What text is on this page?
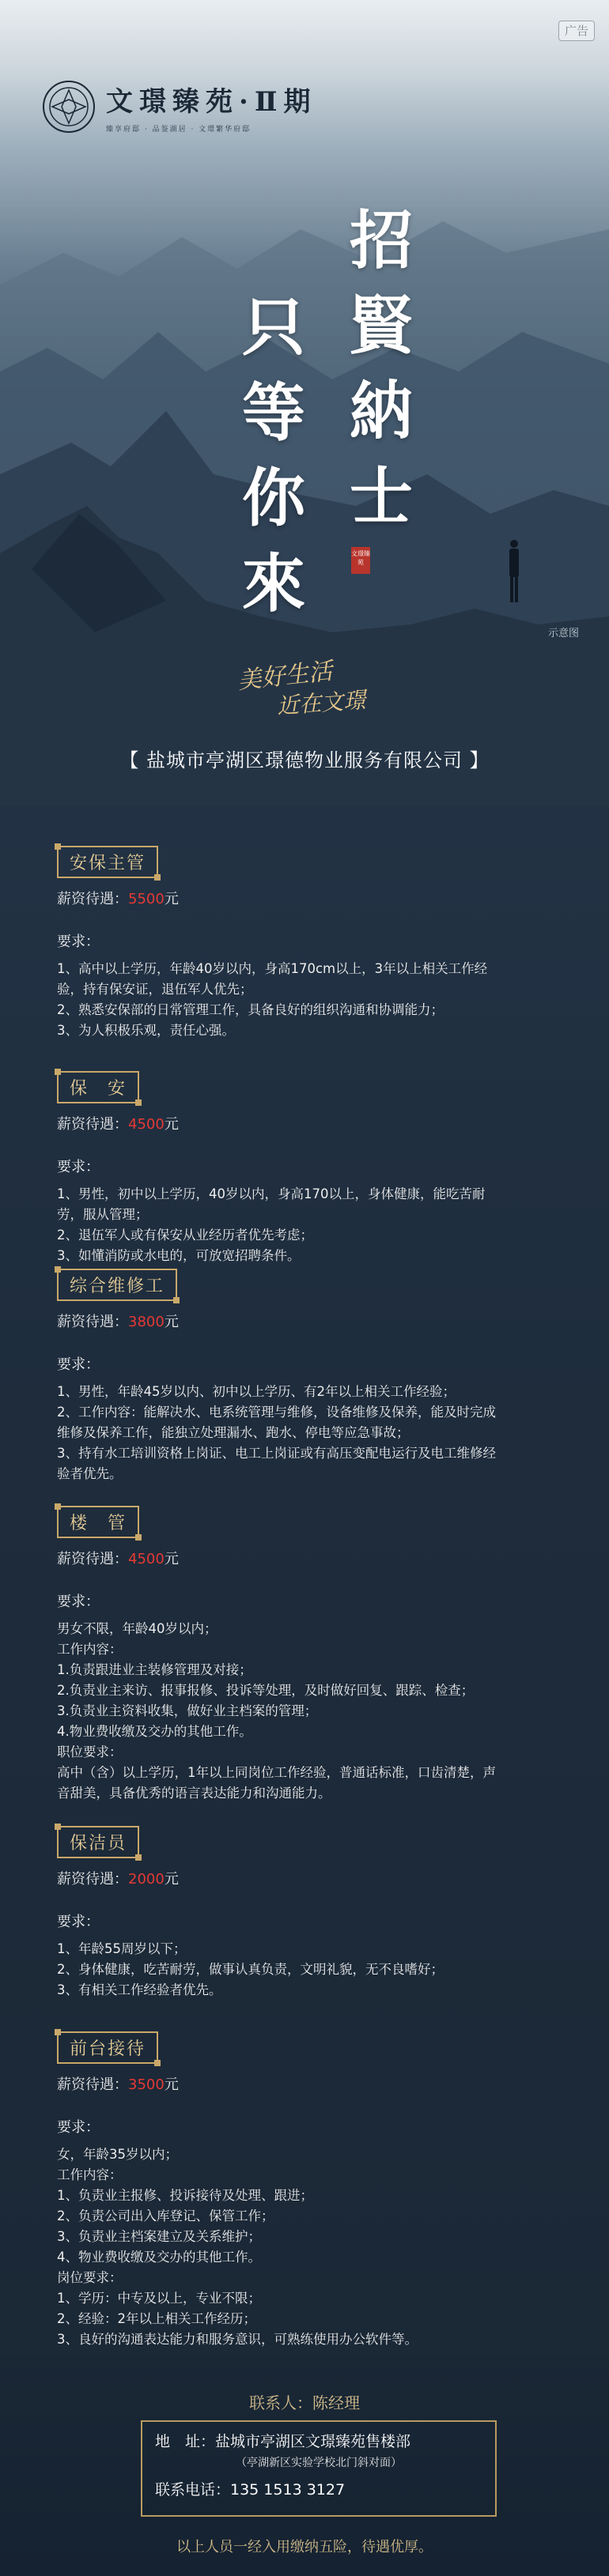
广告
文璟臻苑·Ⅱ期
臻享府邸 · 品鉴湖居 · 文璟繁华府邸
招
賢
納
士
只
等
你
來	文璟臻苑
示意图
美好生活
近在文璟
【 盐城市亭湖区璟德物业服务有限公司 】
安保主管
薪资待遇：5500元
要求：
1、高中以上学历，年龄40岁以内，身高170cm以上，3年以上相关工作经
验，持有保安证，退伍军人优先；
2、熟悉安保部的日常管理工作，具备良好的组织沟通和协调能力；
3、为人积极乐观，责任心强。
保　安
薪资待遇：4500元
要求：
1、男性，初中以上学历，40岁以内，身高170以上，身体健康，能吃苦耐
劳，服从管理；
2、退伍军人或有保安从业经历者优先考虑；
3、如懂消防或水电的，可放宽招聘条件。
综合维修工
薪资待遇：3800元
要求：
1、男性，年龄45岁以内、初中以上学历、有2年以上相关工作经验；
2、工作内容：能解决水、电系统管理与维修，设备维修及保养，能及时完成
维修及保养工作，能独立处理漏水、跑水、停电等应急事故；
3、持有水工培训资格上岗证、电工上岗证或有高压变配电运行及电工维修经
验者优先。
楼　管
薪资待遇：4500元
要求：
男女不限，年龄40岁以内；
工作内容：
1.负责跟进业主装修管理及对接；
2.负责业主来访、报事报修、投诉等处理，及时做好回复、跟踪、检查；
3.负责业主资料收集，做好业主档案的管理；
4.物业费收缴及交办的其他工作。
职位要求：
高中（含）以上学历，1年以上同岗位工作经验，普通话标准，口齿清楚，声
音甜美，具备优秀的语言表达能力和沟通能力。
保洁员
薪资待遇：2000元
要求：
1、年龄55周岁以下；
2、身体健康，吃苦耐劳，做事认真负责，文明礼貌，无不良嗜好；
3、有相关工作经验者优先。
前台接待
薪资待遇：3500元
要求：
女，年龄35岁以内；
工作内容：
1、负责业主报修、投诉接待及处理、跟进；
2、负责公司出入库登记、保管工作；
3、负责业主档案建立及关系维护；
4、物业费收缴及交办的其他工作。
岗位要求：
1、学历：中专及以上，专业不限；
2、经验：2年以上相关工作经历；
3、良好的沟通表达能力和服务意识，可熟练使用办公软件等。
联系人：陈经理
地　址：盐城市亭湖区文璟臻苑售楼部
（亭湖新区实验学校北门斜对面）
联系电话：135 1513 3127
以上人员一经入用缴纳五险，待遇优厚。
